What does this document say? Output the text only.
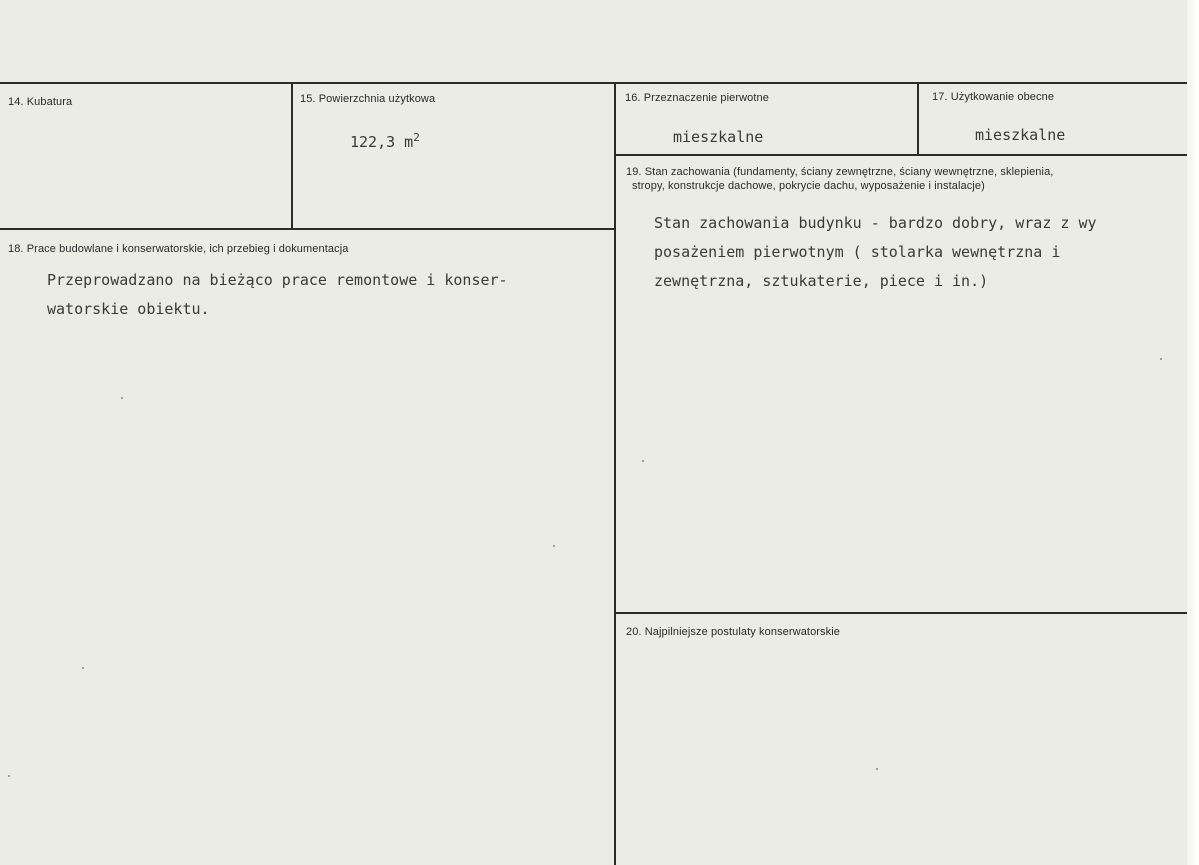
14. Kubatura	15. Powierzchnia użytkowa
122,3 $m^2$
16. Przeznaczenie pierwotne
mieszkalne
17. Użytkowanie obecne
mieszkalne
19. Stan zachowania (fundamenty, ściany zewnętrzne, ściany wewnętrzne, sklepienia,
stropy, konstrukcje dachowe, pokrycie dachu, wyposażenie i instalacje)
Stan zachowania budynku - bardzo dobry, wraz z wy
posażeniem pierwotnym ( stolarka wewnętrzna i
zewnętrzna, sztukaterie, piece i in.)
18. Prace budowlane i konserwatorskie, ich przebieg i dokumentacja
Przeprowadzano na bieżąco prace remontowe i konser-
watorskie obiektu.
20. Najpilniejsze postulaty konserwatorskie
